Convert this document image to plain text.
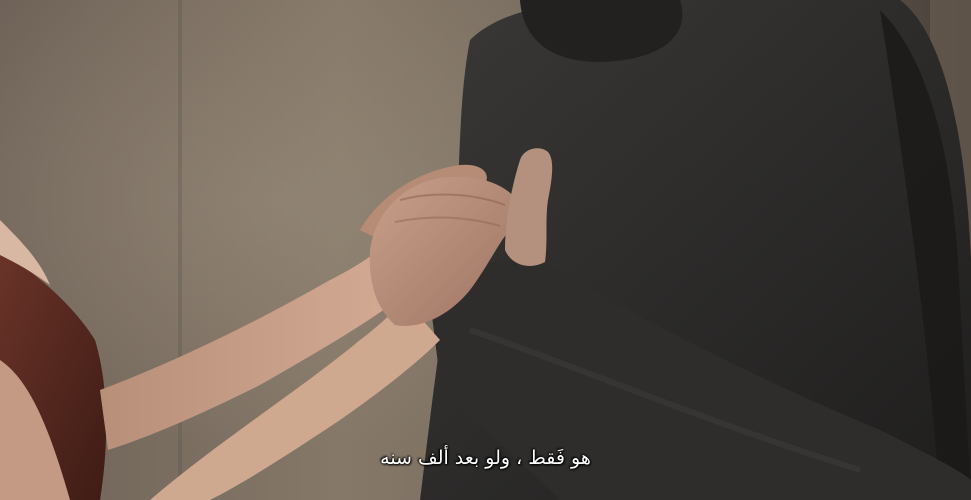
هو فَقط ، ولو بعد ألف سنه
